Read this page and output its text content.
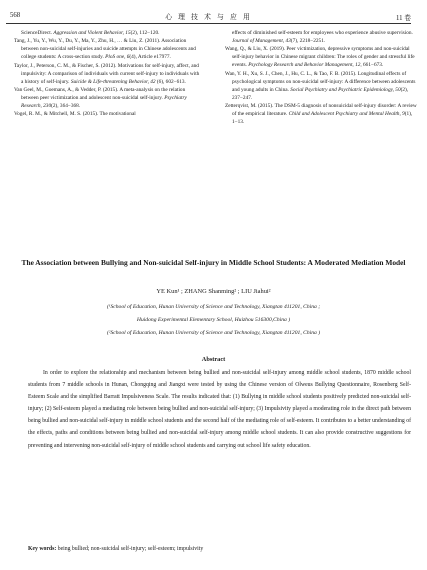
568	心 理 技 术 与 应 用	11 卷

ScienceDirect. Aggression and Violent Behavior, 15(2), 112−120.

Tang, J., Yu, Y., Wu, Y., Du, Y., Ma, Y., Zhu, H., … & Liu, Z. (2011). Association between non-suicidal self-injuries and suicide attempts in Chinese adolescents and college students: A cross-section study. PloS one, 6(4), Article e17977.

Taylor, J., Peterson, C. M., & Fischer, S. (2012). Motivations for self-injury, affect, and impulsivity: A comparison of individuals with current self-injury to individuals with a history of self-injury. Suicide & Life-threatening Behavior, 42 (6), 602−613.

Van Geel, M., Goemans, A., & Vedder, P. (2015). A meta-analysis on the relation between peer victimization and adolescent non-suicidal self-injury. Psychiatry Research, 230(2), 364−368.

Vogel, R. M., & Mitchell, M. S. (2015). The motivational

effects of diminished self-esteem for employees who experience abusive supervision. Journal of Management, 43(7), 2218−2251.

Wang, Q., & Liu, X. (2019). Peer victimization, depressive symptoms and non-suicidal self-injury behavior in Chinese migrant children: The roles of gender and stressful life events. Psychology Research and Behavior Management, 12, 661−673.

Wan, Y. H., Xu, S. J., Chen, J., Hu, C. L., & Tao, F. B. (2015). Longitudinal effects of psychological symptoms on non-suicidal self-injury: A difference between adolescents and young adults in China. Social Psychiatry and Psychiatric Epidemiology, 50(2), 237−247.

Zetterqvist, M. (2015). The DSM-5 diagnosis of nonsuicidal self-injury disorder: A review of the empirical literature. Child and Adolescent Psychiatry and Mental Health, 9(1), 1−13.

The Association between Bullying and Non-suicidal Self-injury in Middle School Students: A Moderated Mediation Model
YE Kun¹ ; ZHANG Shanming² ; LIU Jiahui²
(¹School of Education, Hunan University of Science and Technology, Xiangtan 411201, China ;
Huidong Experimental Elementary School, Huizhou 516300,China )
(²School of Education, Hunan University of Science and Technology, Xiangtan 411201, China )
Abstract

In order to explore the relationship and mechanism between being bullied and non-suicidal self-injury among middle school students, 1870 middle school students from 7 middle schools in Hunan, Chongqing and Jiangxi were tested by using the Chinese version of Olweus Bullying Questionnaire, Rosenberg Self-Esteem Scale and the simplified Barratt Impulsiveness Scale. The results indicated that: (1) Bullying in middle school students positively predicted non-suicidal self-injury; (2) Self-esteem played a mediating role between being bullied and non-suicidal self-injury; (3) Impulsivity played a moderating role in the direct path between being bullied and non-suicidal self-injury in middle school students and the second half of the mediating role of self-esteem. It contributes to a better understanding of the effects, paths and conditions between being bullied and non-suicidal self-injury among middle school students. It can also provide constructive suggestions for preventing and intervening non-suicidal self-injury of middle school students and carrying out school life safety education.

Key words: being bullied; non-suicidal self-injury; self-esteem; impulsivity
